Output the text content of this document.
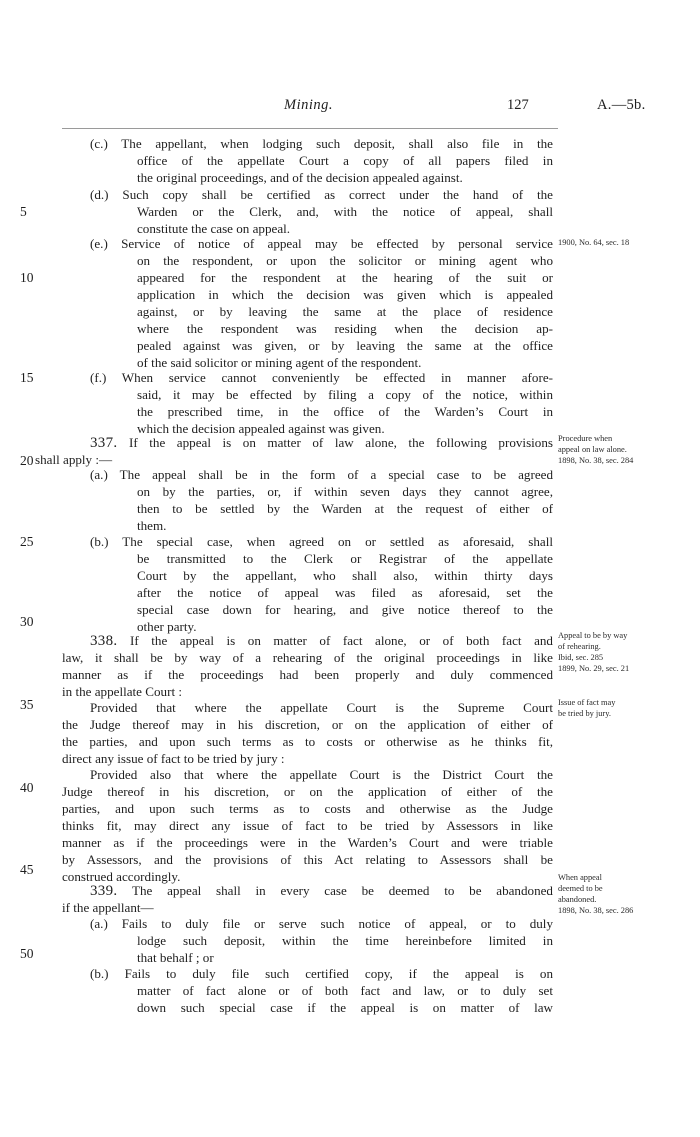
Mining.	127	A.—5b.
(c.) The appellant, when lodging such deposit, shall also file in the
office of the appellate Court a copy of all papers filed in
the original proceedings, and of the decision appealed against.
(d.) Such copy shall be certified as correct under the hand of the
Warden or the Clerk, and, with the notice of appeal, shall
constitute the case on appeal.
(e.) Service of notice of appeal may be effected by personal service
on the respondent, or upon the solicitor or mining agent who
appeared for the respondent at the hearing of the suit or
application in which the decision was given which is appealed
against, or by leaving the same at the place of residence
where the respondent was residing when the decision ap-
pealed against was given, or by leaving the same at the office
of the said solicitor or mining agent of the respondent.
(f.) When service cannot conveniently be effected in manner afore-
said, it may be effected by filing a copy of the notice, within
the prescribed time, in the office of the Warden’s Court in
which the decision appealed against was given.
337. If the appeal is on matter of law alone, the following provisions
shall apply :—
(a.) The appeal shall be in the form of a special case to be agreed
on by the parties, or, if within seven days they cannot agree,
then to be settled by the Warden at the request of either of
them.
(b.) The special case, when agreed on or settled as aforesaid, shall
be transmitted to the Clerk or Registrar of the appellate
Court by the appellant, who shall also, within thirty days
after the notice of appeal was filed as aforesaid, set the
special case down for hearing, and give notice thereof to the
other party.
338. If the appeal is on matter of fact alone, or of both fact and
law, it shall be by way of a rehearing of the original proceedings in like
manner as if the proceedings had been properly and duly commenced
in the appellate Court :
Provided that where the appellate Court is the Supreme Court
the Judge thereof may in his discretion, or on the application of either of
the parties, and upon such terms as to costs or otherwise as he thinks fit,
direct any issue of fact to be tried by jury :
Provided also that where the appellate Court is the District Court the
Judge thereof in his discretion, or on the application of either of the
parties, and upon such terms as to costs and otherwise as the Judge
thinks fit, may direct any issue of fact to be tried by Assessors in like
manner as if the proceedings were in the Warden’s Court and were triable
by Assessors, and the provisions of this Act relating to Assessors shall be
construed accordingly.
339. The appeal shall in every case be deemed to be abandoned
if the appellant—
(a.) Fails to duly file or serve such notice of appeal, or to duly
lodge such deposit, within the time hereinbefore limited in
that behalf ; or
(b.) Fails to duly file such certified copy, if the appeal is on
matter of fact alone or of both fact and law, or to duly set
down such special case if the appeal is on matter of law
5
10
15
20
25
30
35
40
45
50
1900, No. 64, sec. 18
Procedure when
appeal on law alone.
1898, No. 38, sec. 284
Appeal to be by way
of rehearing.
Ibid, sec. 285
1899, No. 29, sec. 21
Issue of fact may
be tried by jury.
When appeal
deemed to be
abandoned.
1898, No. 38, sec. 286
